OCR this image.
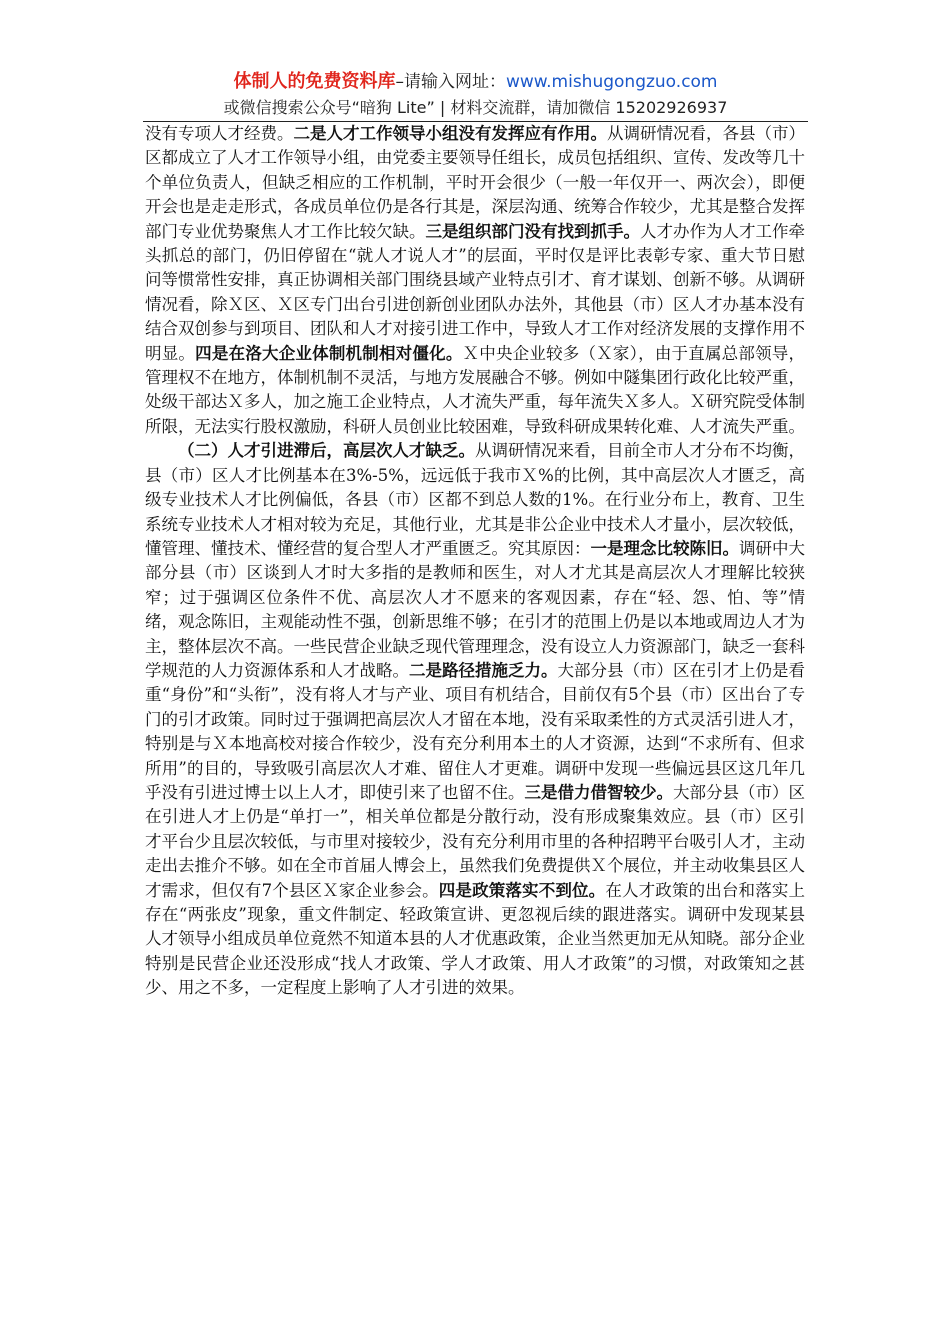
体制人的免费资料库–请输入网址：www.mishugongzuo.com
或微信搜索公众号“暗狗 Lite” | 材料交流群，请加微信 15202926937

没有专项人才经费。二是人才工作领导小组没有发挥应有作用。从调研情况看，各县（市）区都成立了人才工作领导小组，由党委主要领导任组长，成员包括组织、宣传、发改等几十个单位负责人，但缺乏相应的工作机制，平时开会很少（一般一年仅开一、两次会），即便开会也是走走形式，各成员单位仍是各行其是，深层沟通、统筹合作较少，尤其是整合发挥部门专业优势聚焦人才工作比较欠缺。三是组织部门没有找到抓手。人才办作为人才工作牵头抓总的部门，仍旧停留在“就人才说人才”的层面，平时仅是评比表彰专家、重大节日慰问等惯常性安排，真正协调相关部门围绕县域产业特点引才、育才谋划、创新不够。从调研情况看，除Ｘ区、Ｘ区专门出台引进创新创业团队办法外，其他县（市）区人才办基本没有结合双创参与到项目、团队和人才对接引进工作中，导致人才工作对经济发展的支撑作用不明显。四是在洛大企业体制机制相对僵化。Ｘ中央企业较多（Ｘ家），由于直属总部领导，管理权不在地方，体制机制不灵活，与地方发展融合不够。例如中隧集团行政化比较严重，处级干部达Ｘ多人，加之施工企业特点，人才流失严重，每年流失Ｘ多人。Ｘ研究院受体制所限，无法实行股权激励，科研人员创业比较困难，导致科研成果转化难、人才流失严重。

（二）人才引进滞后，高层次人才缺乏。从调研情况来看，目前全市人才分布不均衡，县（市）区人才比例基本在3%-5%，远远低于我市Ｘ%的比例，其中高层次人才匮乏，高级专业技术人才比例偏低，各县（市）区都不到总人数的1%。在行业分布上，教育、卫生系统专业技术人才相对较为充足，其他行业，尤其是非公企业中技术人才量小，层次较低，懂管理、懂技术、懂经营的复合型人才严重匮乏。究其原因：一是理念比较陈旧。调研中大部分县（市）区谈到人才时大多指的是教师和医生，对人才尤其是高层次人才理解比较狭窄；过于强调区位条件不优、高层次人才不愿来的客观因素，存在“轻、怨、怕、等”情绪，观念陈旧，主观能动性不强，创新思维不够；在引才的范围上仍是以本地或周边人才为主，整体层次不高。一些民营企业缺乏现代管理理念，没有设立人力资源部门，缺乏一套科学规范的人力资源体系和人才战略。二是路径措施乏力。大部分县（市）区在引才上仍是看重“身份”和“头衔”，没有将人才与产业、项目有机结合，目前仅有5个县（市）区出台了专门的引才政策。同时过于强调把高层次人才留在本地，没有采取柔性的方式灵活引进人才，特别是与Ｘ本地高校对接合作较少，没有充分利用本土的人才资源，达到“不求所有、但求所用”的目的，导致吸引高层次人才难、留住人才更难。调研中发现一些偏远县区这几年几乎没有引进过博士以上人才，即使引来了也留不住。三是借力借智较少。大部分县（市）区在引进人才上仍是“单打一”，相关单位都是分散行动，没有形成聚集效应。县（市）区引才平台少且层次较低，与市里对接较少，没有充分利用市里的各种招聘平台吸引人才，主动走出去推介不够。如在全市首届人博会上，虽然我们免费提供Ｘ个展位，并主动收集县区人才需求，但仅有7个县区Ｘ家企业参会。四是政策落实不到位。在人才政策的出台和落实上存在“两张皮”现象，重文件制定、轻政策宣讲、更忽视后续的跟进落实。调研中发现某县人才领导小组成员单位竟然不知道本县的人才优惠政策，企业当然更加无从知晓。部分企业特别是民营企业还没形成“找人才政策、学人才政策、用人才政策”的习惯，对政策知之甚少、用之不多，一定程度上影响了人才引进的效果。
